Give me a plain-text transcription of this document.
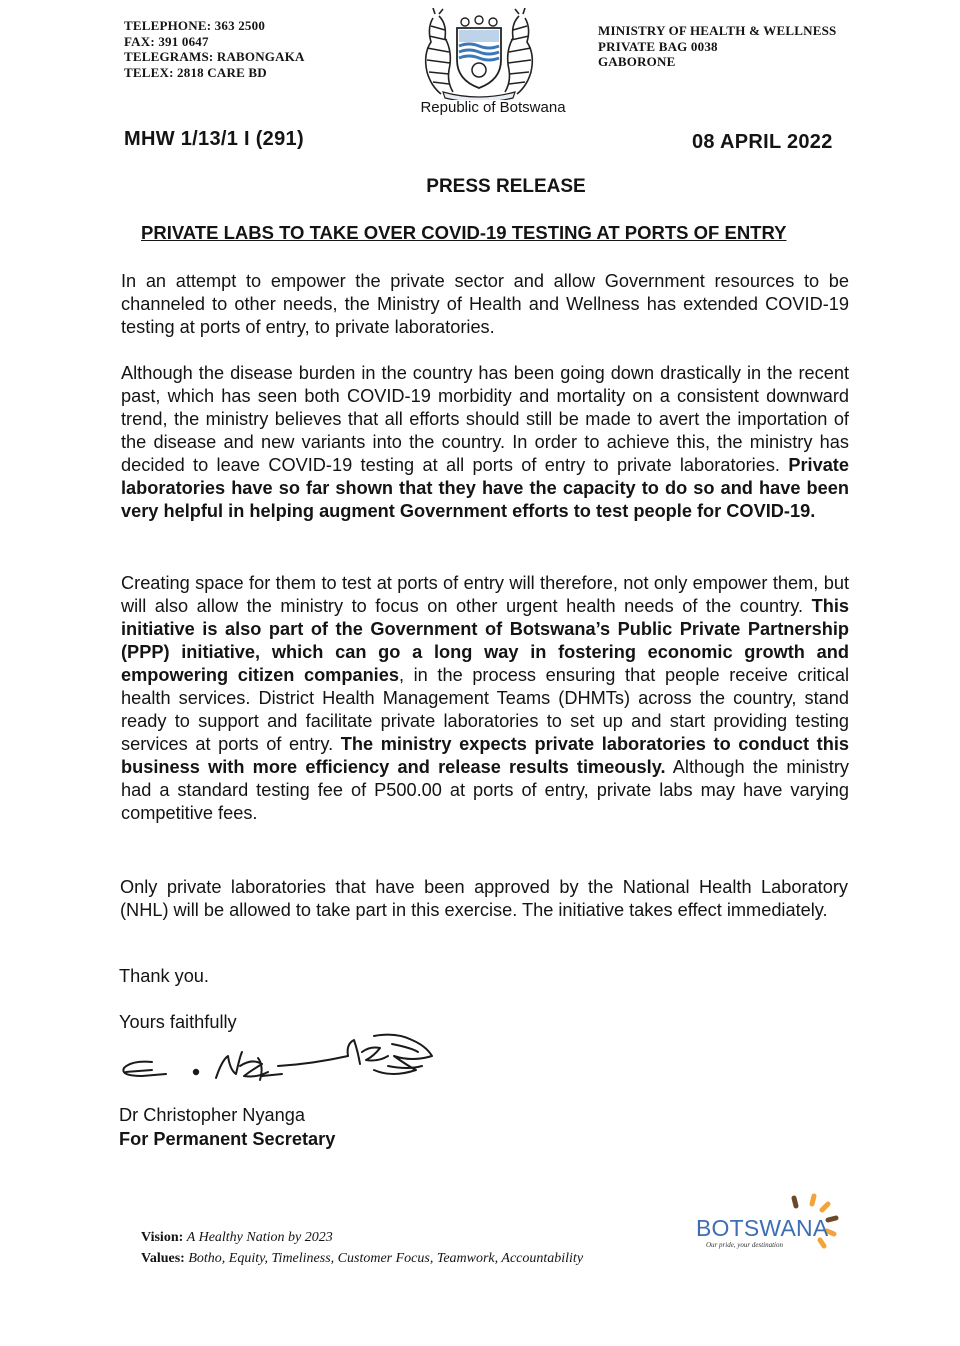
TELEPHONE: 363 2500
FAX: 391 0647
TELEGRAMS: RABONGAKA
TELEX: 2818 CARE BD
Republic of Botswana
MINISTRY OF HEALTH & WELLNESS
PRIVATE BAG 0038
GABORONE
MHW 1/13/1 I (291)	08 APRIL 2022
PRESS RELEASE
PRIVATE LABS TO TAKE OVER COVID-19 TESTING AT PORTS OF ENTRY
In an attempt to empower the private sector and allow Government resources to be channeled to other needs, the Ministry of Health and Wellness has extended COVID-19 testing at ports of entry, to private laboratories.
Although the disease burden in the country has been going down drastically in the recent past, which has seen both COVID-19 morbidity and mortality on a consistent downward trend, the ministry believes that all efforts should still be made to avert the importation of the disease and new variants into the country. In order to achieve this, the ministry has decided to leave COVID-19 testing at all ports of entry to private laboratories. Private laboratories have so far shown that they have the capacity to do so and have been very helpful in helping augment Government efforts to test people for COVID-19.
Creating space for them to test at ports of entry will therefore, not only empower them, but will also allow the ministry to focus on other urgent health needs of the country. This initiative is also part of the Government of Botswana’s Public Private Partnership (PPP) initiative, which can go a long way in fostering economic growth and empowering citizen companies, in the process ensuring that people receive critical health services. District Health Management Teams (DHMTs) across the country, stand ready to support and facilitate private laboratories to set up and start providing testing services at ports of entry. The ministry expects private laboratories to conduct this business with more efficiency and release results timeously. Although the ministry had a standard testing fee of P500.00 at ports of entry, private labs may have varying competitive fees.
Only private laboratories that have been approved by the National Health Laboratory (NHL) will be allowed to take part in this exercise. The initiative takes effect immediately.
Thank you.
Yours faithfully
Dr Christopher Nyanga
For Permanent Secretary
Vision: A Healthy Nation by 2023
Values: Botho, Equity, Timeliness, Customer Focus, Teamwork, Accountability
BOTSWANA
Our pride, your destination
